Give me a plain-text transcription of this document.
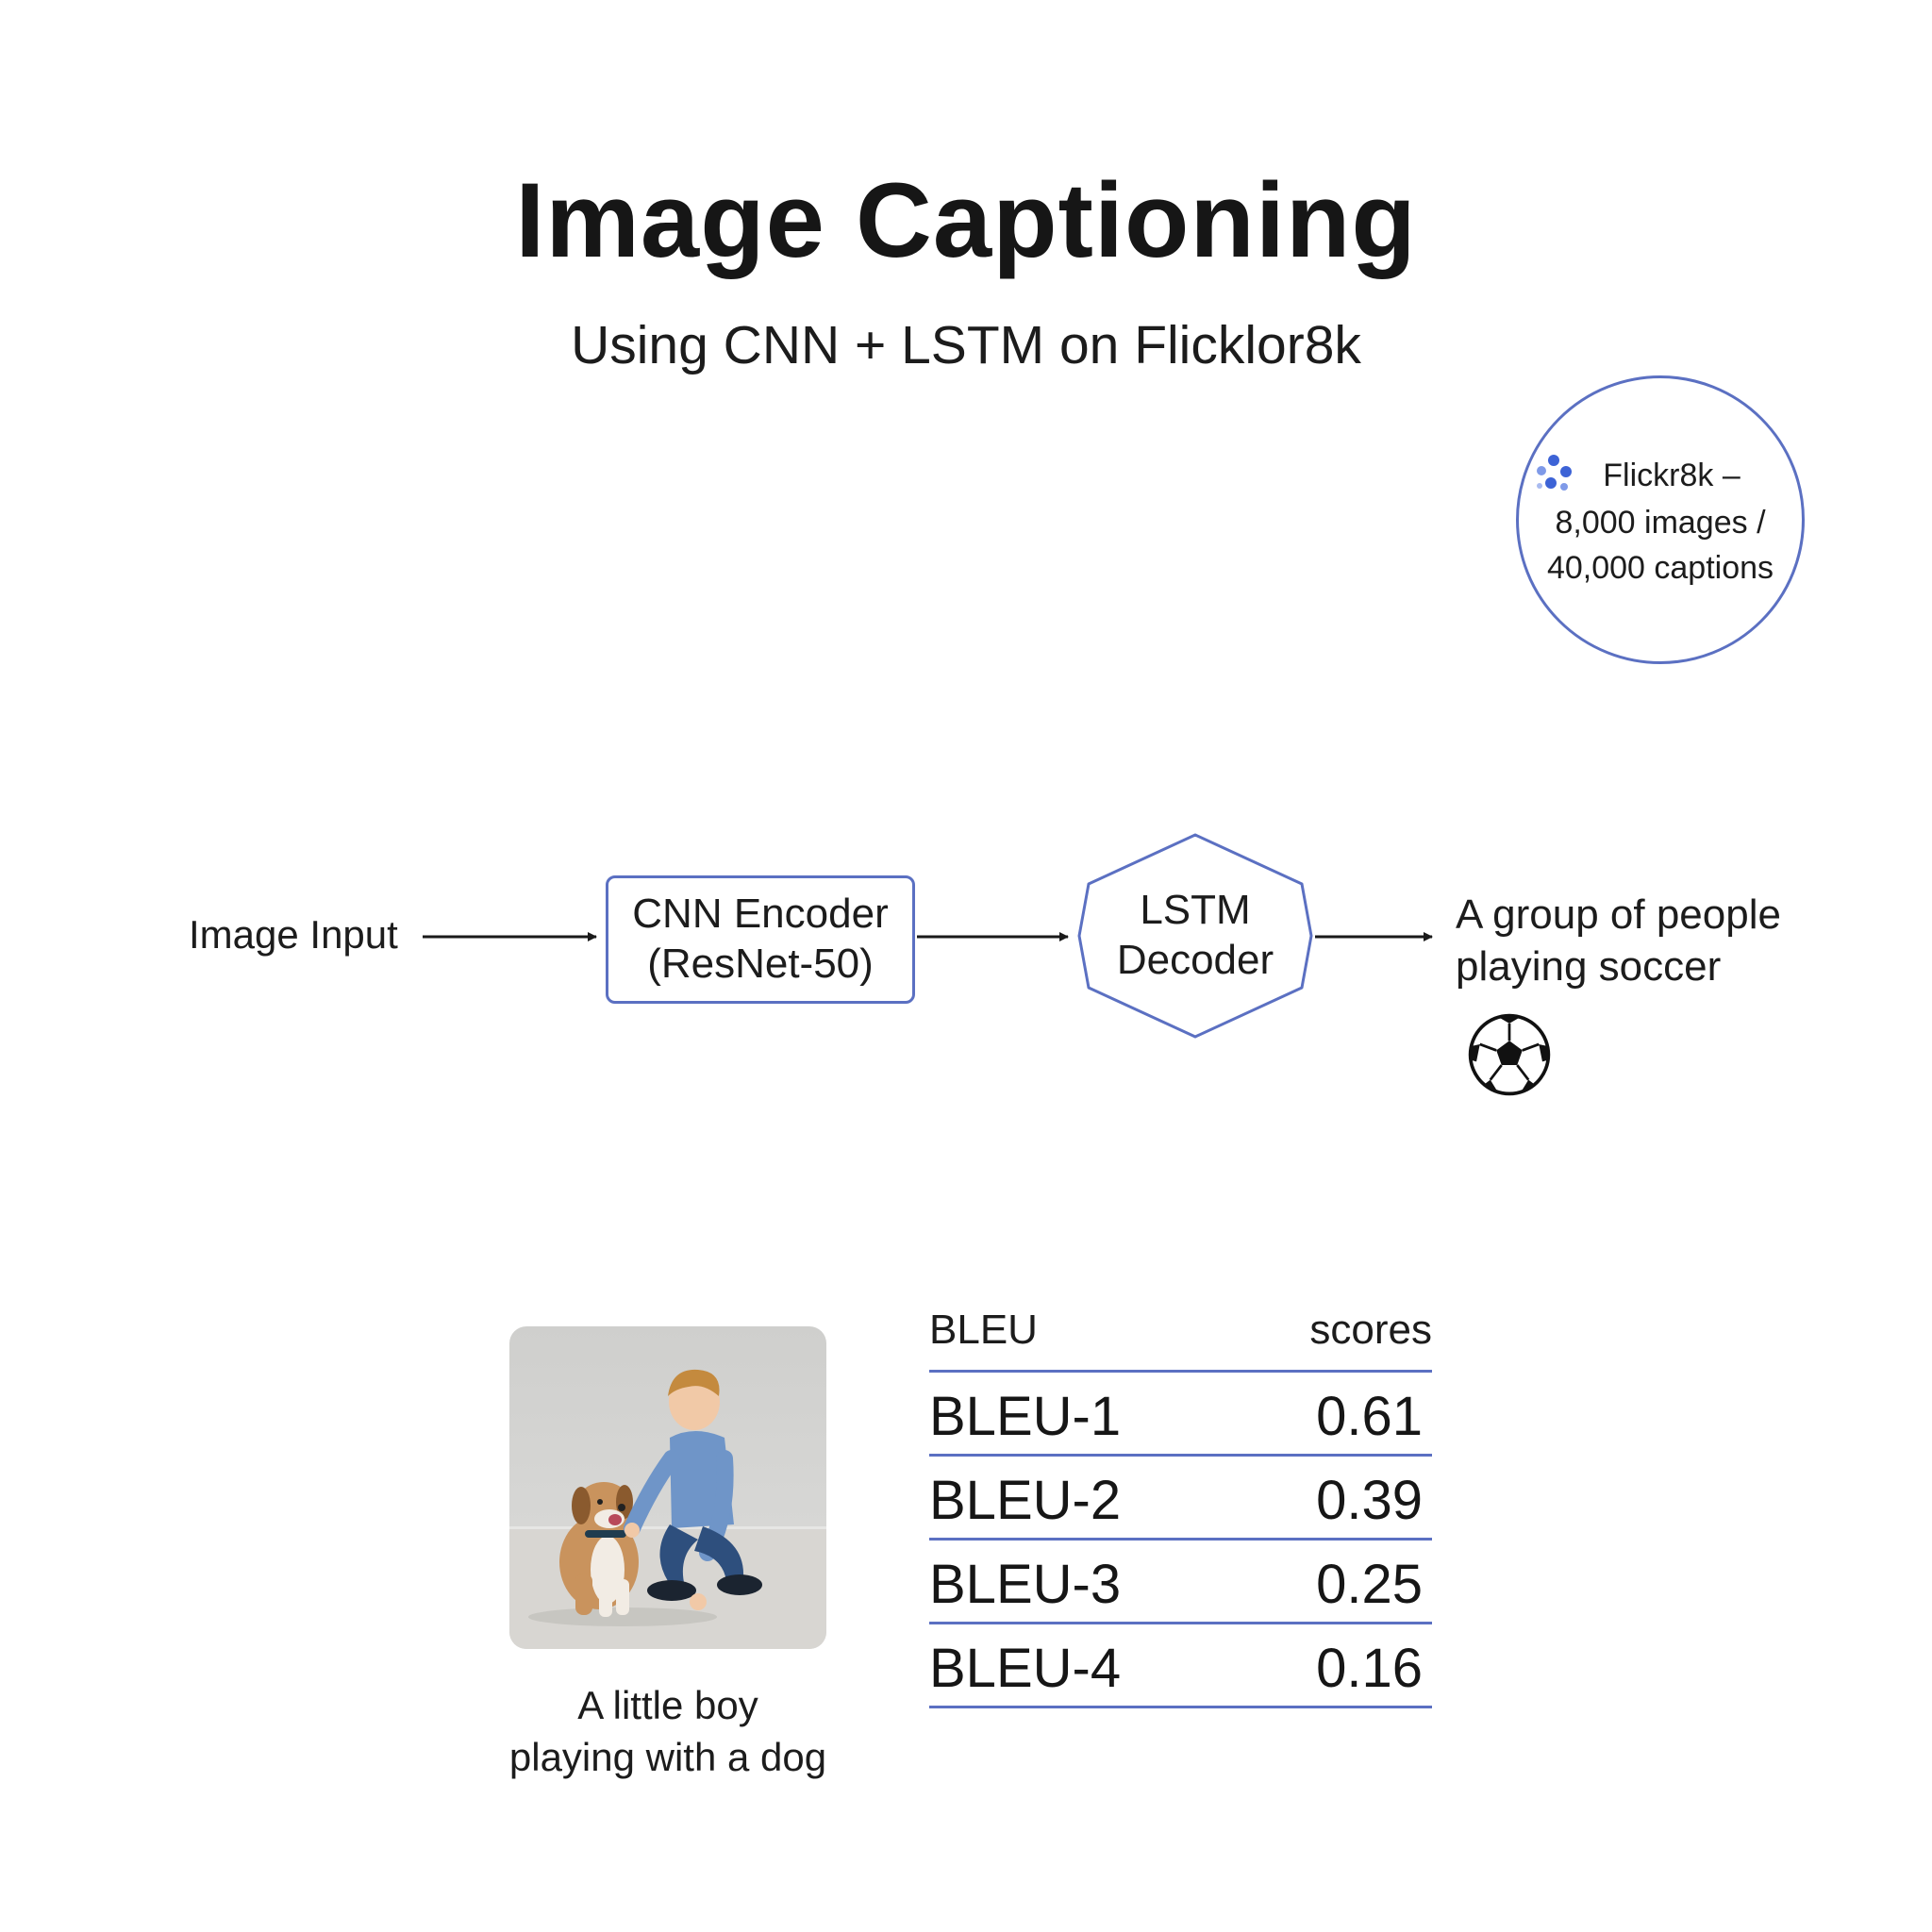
Image Captioning
Using CNN + LSTM on Flicklor8k
Flickr8k –
8,000 images /
40,000 captions
Image Input	CNN Encoder
(ResNet-50)
LSTM
Decoder
A group of people
playing soccer
A little boy
playing with a dog
BLEU	scores
BLEU-1	0.61
BLEU-2	0.39
BLEU-3	0.25
BLEU-4	0.16
